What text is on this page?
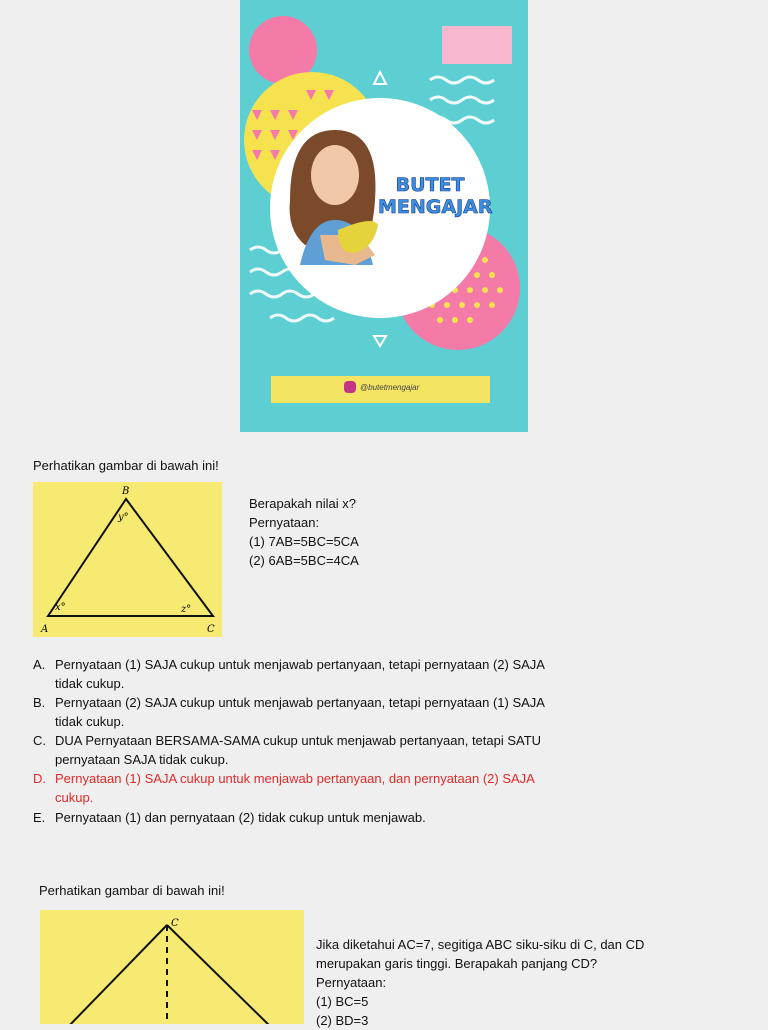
BUTET
MENGAJAR
@butetmengajar
Perhatikan gambar di bawah ini!
B
A	C
y°
x°	z°
Berapakah nilai x?
Pernyataan:
(1) 7AB=5BC=5CA
(2) 6AB=5BC=4CA
A. Pernyataan (1) SAJA cukup untuk menjawab pertanyaan, tetapi pernyataan (2) SAJA
tidak cukup.
B. Pernyataan (2) SAJA cukup untuk menjawab pertanyaan, tetapi pernyataan (1) SAJA
tidak cukup.
C. DUA Pernyataan BERSAMA-SAMA cukup untuk menjawab pertanyaan, tetapi SATU
pernyataan SAJA tidak cukup.
D. Pernyataan (1) SAJA cukup untuk menjawab pertanyaan, dan pernyataan (2) SAJA
cukup.
E. Pernyataan (1) dan pernyataan (2) tidak cukup untuk menjawab.
Perhatikan gambar di bawah ini!
C
Jika diketahui AC=7, segitiga ABC siku-siku di C, dan CD
merupakan garis tinggi. Berapakah panjang CD?
Pernyataan:
(1) BC=5
(2) BD=3
